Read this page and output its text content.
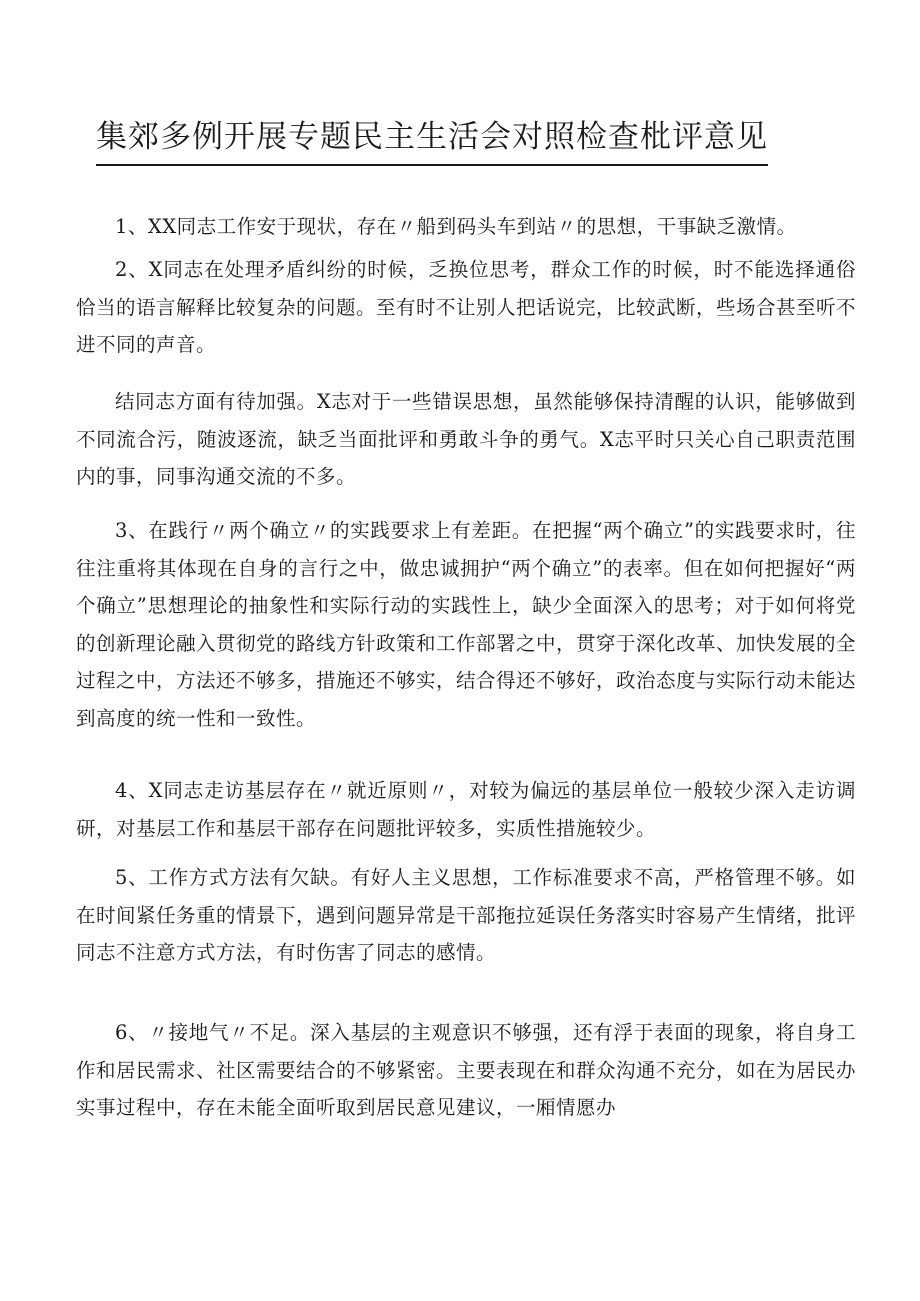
集郊多例开展专题民主生活会对照检查枇评意见

1、XX同志工作安于现状，存在〃船到码头车到站〃的思想，干事缺乏激情。

2、X同志在处理矛盾纠纷的时候，乏换位思考，群众工作的时候，时不能选择通俗恰当的语言解释比较复杂的问题。至有时不让别人把话说完，比较武断，些场合甚至听不进不同的声音。

结同志方面有待加强。X志对于一些错误思想，虽然能够保持清醒的认识，能够做到不同流合污，随波逐流，缺乏当面批评和勇敢斗争的勇气。X志平时只关心自己职责范围内的事，同事沟通交流的不多。

3、在践行〃两个确立〃的实践要求上有差距。在把握“两个确立”的实践要求时，往往注重将其体现在自身的言行之中，做忠诚拥护“两个确立”的表率。但在如何把握好“两个确立”思想理论的抽象性和实际行动的实践性上，缺少全面深入的思考；对于如何将党的创新理论融入贯彻党的路线方针政策和工作部署之中，贯穿于深化改革、加快发展的全过程之中，方法还不够多，措施还不够实，结合得还不够好，政治态度与实际行动未能达到高度的统一性和一致性。

4、X同志走访基层存在〃就近原则〃，对较为偏远的基层单位一般较少深入走访调研，对基层工作和基层干部存在问题批评较多，实质性措施较少。

5、工作方式方法有欠缺。有好人主义思想，工作标准要求不高，严格管理不够。如在时间紧任务重的情景下，遇到问题异常是干部拖拉延误任务落实时容易产生情绪，批评同志不注意方式方法，有时伤害了同志的感情。

6、〃接地气〃不足。深入基层的主观意识不够强，还有浮于表面的现象，将自身工作和居民需求、社区需要结合的不够紧密。主要表现在和群众沟通不充分，如在为居民办实事过程中，存在未能全面听取到居民意见建议，一厢情愿办
